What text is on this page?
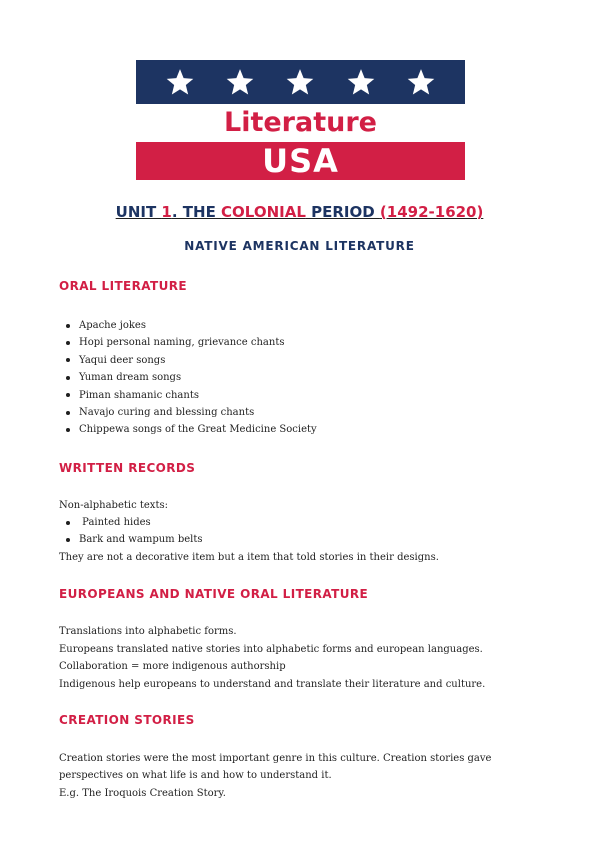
Literature
USA
UNIT 1. THE COLONIAL PERIOD (1492-1620)
NATIVE AMERICAN LITERATURE
ORAL LITERATURE
Apache jokes
Hopi personal naming, grievance chants
Yaqui deer songs
Yuman dream songs
Piman shamanic chants
Navajo curing and blessing chants
Chippewa songs of the Great Medicine Society
WRITTEN RECORDS

Non-alphabetic texts:

Painted hides
Bark and wampum belts

They are not a decorative item but a item that told stories in their designs.

EUROPEANS AND NATIVE ORAL LITERATURE

Translations into alphabetic forms.

Europeans translated native stories into alphabetic forms and european languages.

Collaboration = more indigenous authorship

Indigenous help europeans to understand and translate their literature and culture.

CREATION STORIES

Creation stories were the most important genre in this culture. Creation stories gave

perspectives on what life is and how to understand it.

E.g. The Iroquois Creation Story.
